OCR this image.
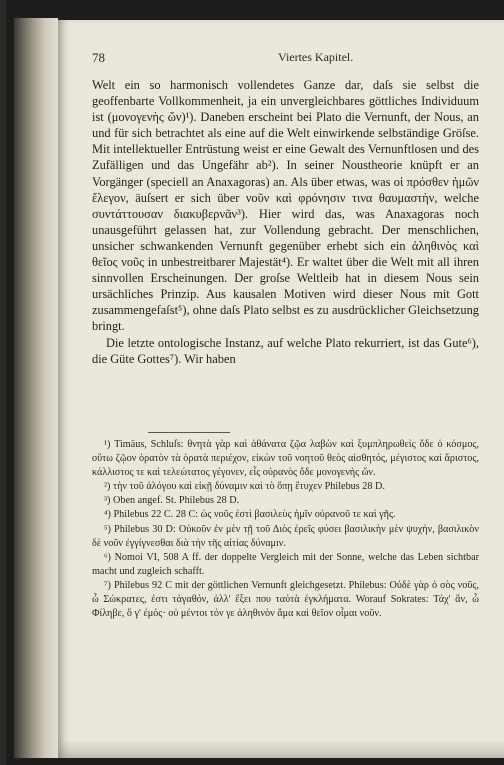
78	Viertes Kapitel.

Welt ein so harmonisch vollendetes Ganze dar, daſs sie selbst die geoffenbarte Vollkommenheit, ja ein unvergleichbares göttliches Individuum ist (μονογενὴς ὤν)¹). Daneben erscheint bei Plato die Vernunft, der Nous, an und für sich betrachtet als eine auf die Welt einwirkende selbständige Gröſse. Mit intellektueller Entrüstung weist er eine Gewalt des Vernunftlosen und des Zufälligen und das Ungefähr ab²). In seiner Noustheorie knüpft er an Vorgänger (speciell an Anaxagoras) an. Als über etwas, was οἱ πρόσθεν ἡμῶν ἔλεγον, äuſsert er sich über νοῦν καὶ φρόνησιν τινα θαυμαστὴν, welche συντάττουσαν διακυβερνᾶν³). Hier wird das, was Anaxagoras noch unausgeführt gelassen hat, zur Vollendung gebracht. Der menschlichen, unsicher schwankenden Vernunft gegenüber erhebt sich ein ἀληθινὸς καὶ θεῖος νοῦς in unbestreitbarer Majestät⁴). Er waltet über die Welt mit all ihren sinnvollen Erscheinungen. Der groſse Weltleib hat in diesem Nous sein ursächliches Prinzip. Aus kausalen Motiven wird dieser Nous mit Gott zusammengefaſst⁵), ohne daſs Plato selbst es zu ausdrücklicher Gleichsetzung bringt.

Die letzte ontologische Instanz, auf welche Plato rekurriert, ist das Gute⁶), die Güte Gottes⁷). Wir haben

¹) Timäus, Schluſs: θνητὰ γὰρ καὶ ἀθάνατα ζῷα λαβὼν καὶ ξυμπληρωθεὶς ὅδε ὁ κόσμος, οὕτω ζῷον ὁρατὸν τὰ ὁρατὰ περιέχον, εἰκὼν τοῦ νοητοῦ θεὸς αἰσθητός, μέγιστος καὶ ἄριστος, κάλλιστος τε καὶ τελεώτατος γέγονεν, εἷς οὐρανὸς ὅδε μονογενὴς ὤν.

²) τὴν τοῦ ἀλόγου καὶ εἰκῇ δύναμιν καὶ τὸ ὅπῃ ἔτυχεν Philebus 28 D.

³) Oben angef. St. Philebus 28 D.

⁴) Philebus 22 C. 28 C: ὡς νοῦς ἐστὶ βασιλεὺς ἡμῖν οὐρανοῦ τε καὶ γῆς.

⁵) Philebus 30 D: Οὐκοῦν ἐν μὲν τῇ τοῦ Διὸς ἐρεῖς φύσει βασιλικὴν μὲν ψυχήν, βασιλικὸν δὲ νοῦν ἐγγίγνεσθαι διὰ τὴν τῆς αἰτίας δύναμιν.

⁶) Nomoi VI, 508 A ff. der doppelte Vergleich mit der Sonne, welche das Leben sichtbar macht und zugleich schafft.

⁷) Philebus 92 C mit der göttlichen Vernunft gleichgesetzt. Philebus: Οὐδὲ γὰρ ὁ σὸς νοῦς, ὦ Σώκρατες, ἐστι τἀγαθόν, ἀλλ' ἕξει που ταὐτὰ ἐγκλήματα. Worauf Sokrates: Τάχ' ἄν, ὦ Φίληβε, ὅ γ' ἐμός· οὐ μέντοι τόν γε ἀληθινὸν ἅμα καὶ θεῖον οἶμαι νοῦν.
